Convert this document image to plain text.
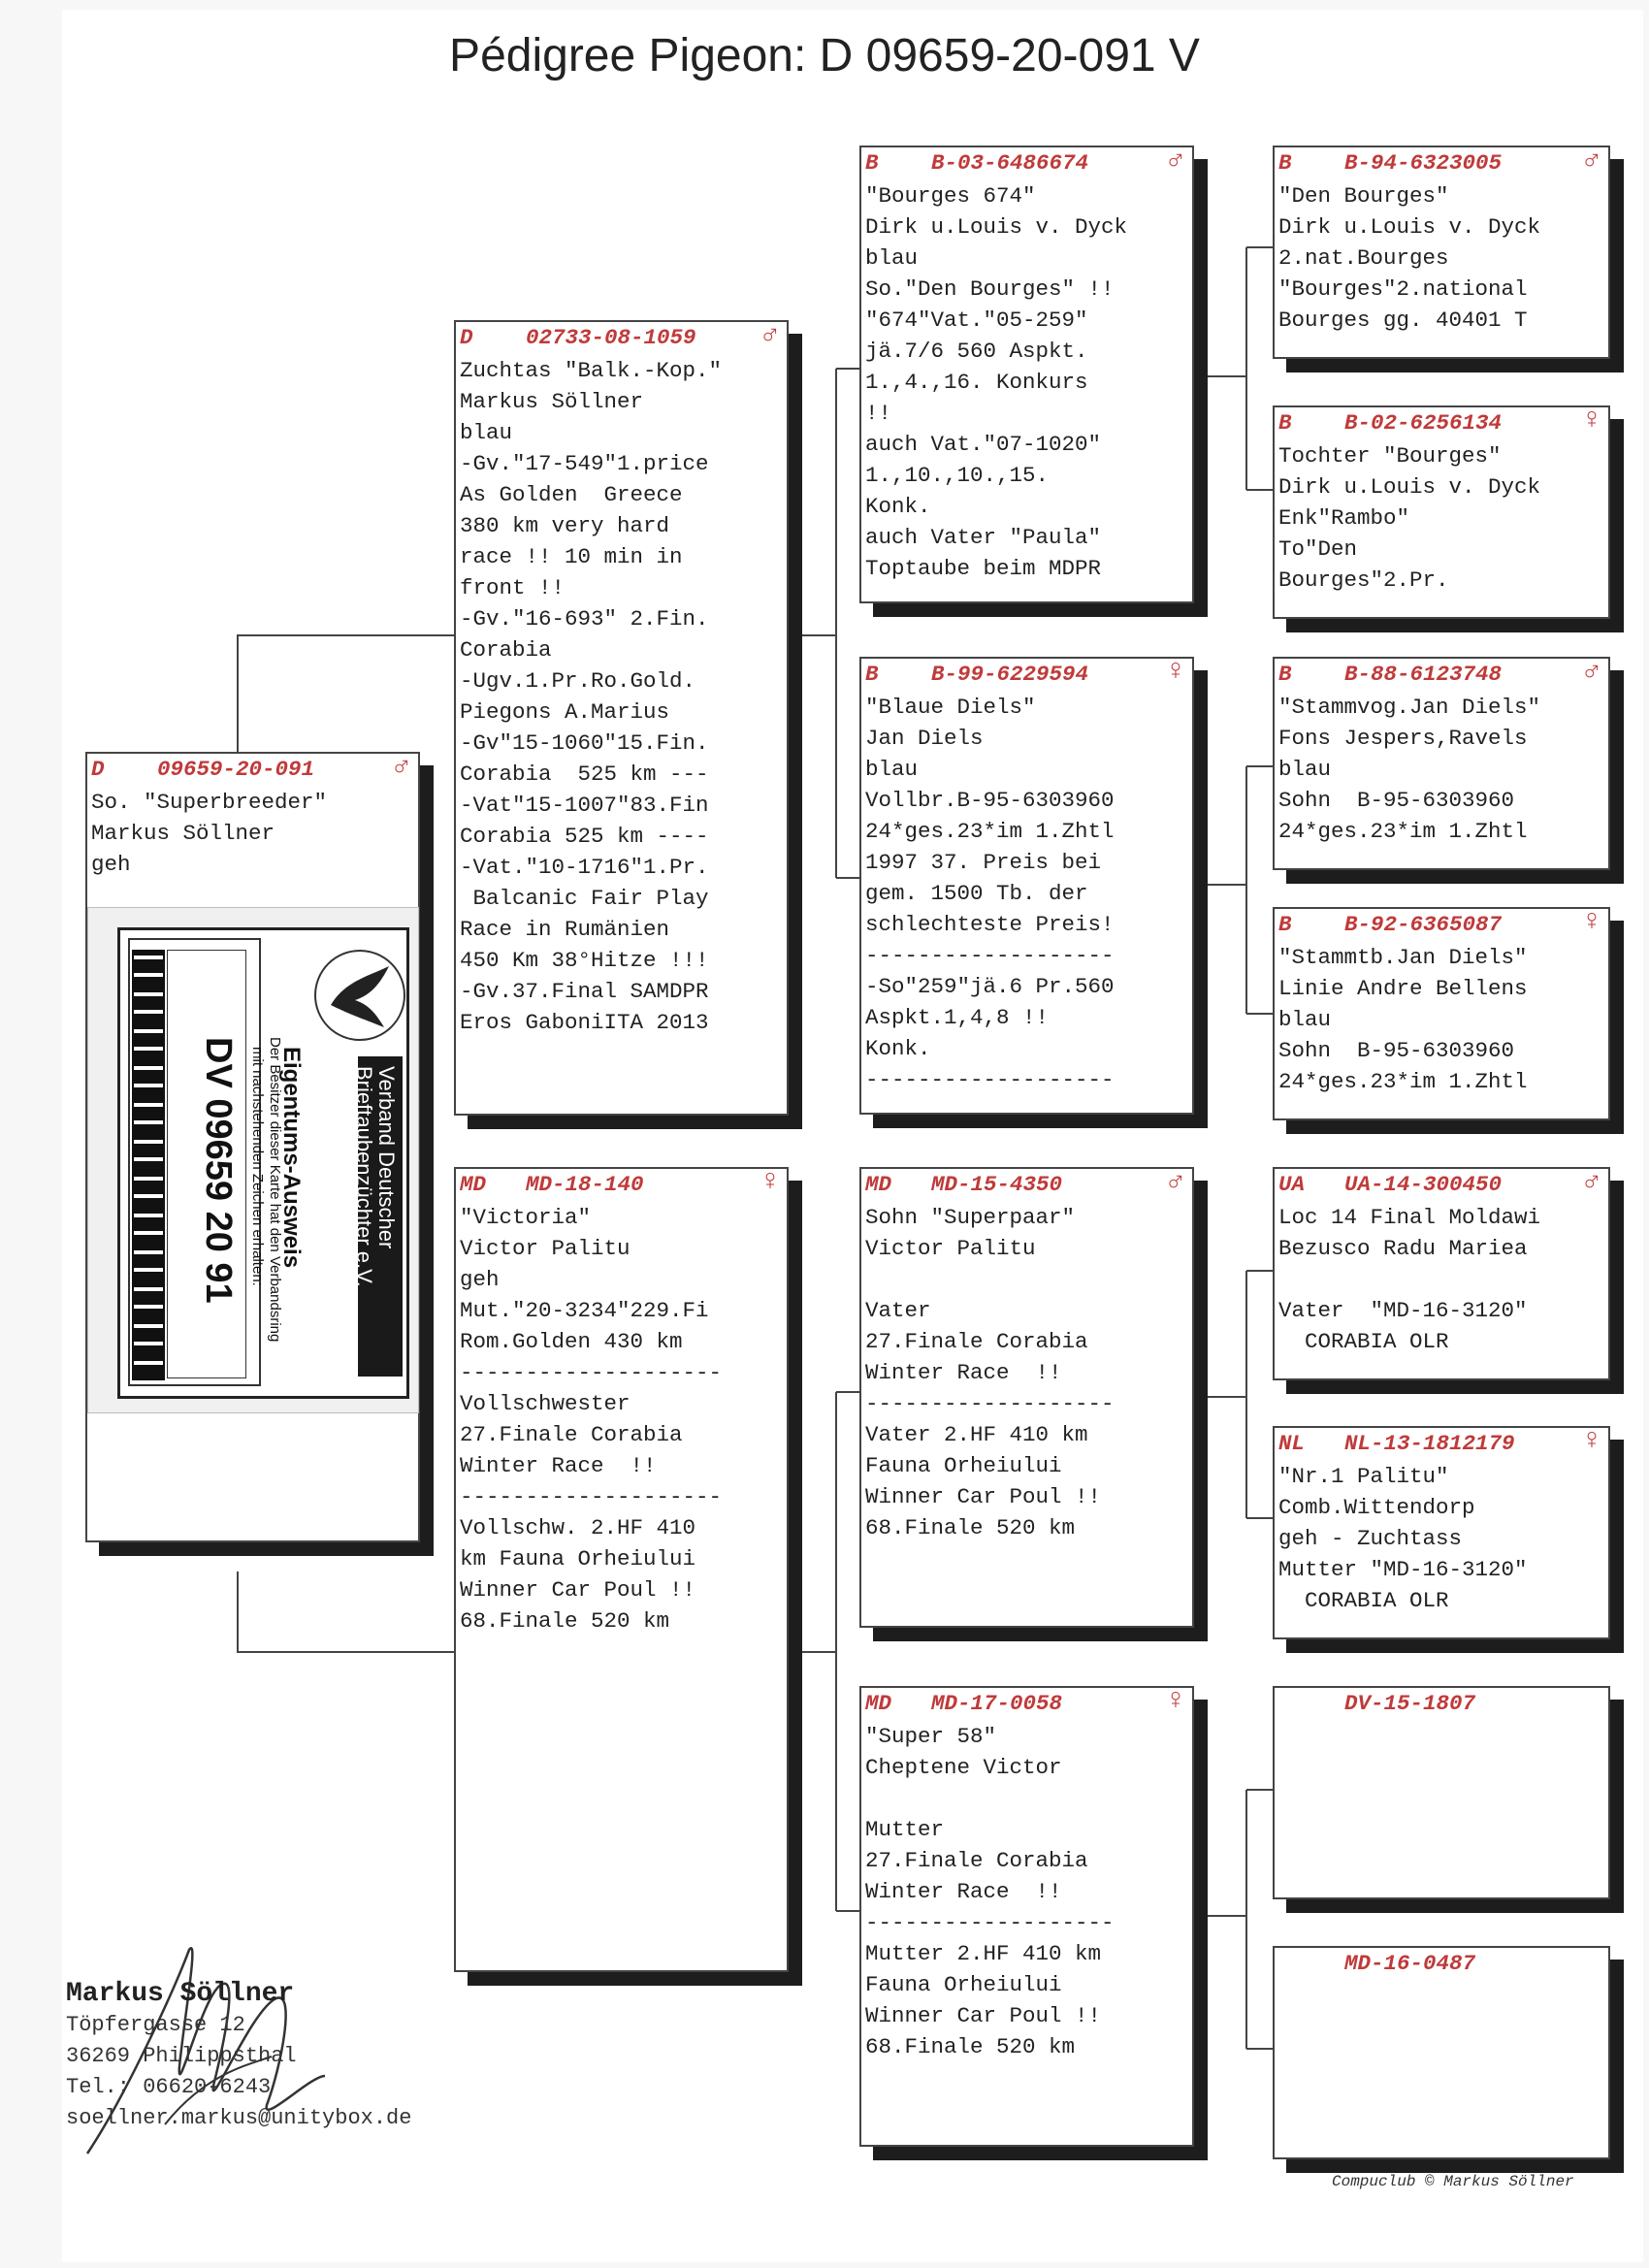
Pédigree Pigeon: D 09659-20-091 V

D

09659-20-091

	♂

So. "Superbreeder"
Markus Söllner
geh
DV 09659 20 91 Eigentums-Ausweis
Der Besitzer dieser Karte hat den Verbandsring
mit nachstehenden Zeichen erhalten:	Verband Deutscher
Brieftaubenzüchter e.V.
D 02733-08-1059 ♂
Zuchtas "Balk.-Kop."
Markus Söllner
blau
-Gv."17-549"1.price
As Golden  Greece
380 km very hard
race !! 10 min in
front !!
-Gv."16-693" 2.Fin.
Corabia
-Ugv.1.Pr.Ro.Gold.
Piegons A.Marius
-Gv"15-1060"15.Fin.
Corabia  525 km ---
-Vat"15-1007"83.Fin
Corabia 525 km ----
-Vat."10-1716"1.Pr.
Balcanic Fair Play
Race in Rumänien
450 Km 38°Hitze !!!
-Gv.37.Final SAMDPR
Eros GaboniITA 2013
MD MD-18-140	♀
"Victoria"
Victor Palitu
geh
Mut."20-3234"229.Fi
Rom.Golden 430 km
--------------------
Vollschwester
27.Finale Corabia
Winter Race  !!
--------------------
Vollschw. 2.HF 410
km Fauna Orheiului
Winner Car Poul !!
68.Finale 520 km
B B-03-6486674	♂
"Bourges 674"
Dirk u.Louis v. Dyck
blau
So."Den Bourges" !!
"674"Vat."05-259"
jä.7/6 560 Aspkt.
1.,4.,16. Konkurs
!!
auch Vat."07-1020"
1.,10.,10.,15.
Konk.
auch Vater "Paula"
Toptaube beim MDPR
B B-99-6229594	♀
"Blaue Diels"
Jan Diels
blau
Vollbr.B-95-6303960
24*ges.23*im 1.Zhtl
1997 37. Preis bei
gem. 1500 Tb. der
schlechteste Preis!
-------------------
-So"259"jä.6 Pr.560
Aspkt.1,4,8 !!
Konk.
-------------------
MD MD-15-4350	♂
Sohn "Superpaar"
Victor Palitu
Vater
27.Finale Corabia
Winter Race  !!
-------------------
Vater 2.HF 410 km
Fauna Orheiului
Winner Car Poul !!
68.Finale 520 km
MD MD-17-0058	♀
"Super 58"
Cheptene Victor
Mutter
27.Finale Corabia
Winter Race  !!
-------------------
Mutter 2.HF 410 km
Fauna Orheiului
Winner Car Poul !!
68.Finale 520 km
B B-94-6323005	♂
"Den Bourges"
Dirk u.Louis v. Dyck
2.nat.Bourges
"Bourges"2.national
Bourges gg. 40401 T
B B-02-6256134	♀
Tochter "Bourges"
Dirk u.Louis v. Dyck
Enk"Rambo"
To"Den
Bourges"2.Pr.
B B-88-6123748	♂
"Stammvog.Jan Diels"
Fons Jespers,Ravels
blau
Sohn  B-95-6303960
24*ges.23*im 1.Zhtl
B B-92-6365087	♀
"Stammtb.Jan Diels"
Linie Andre Bellens
blau
Sohn  B-95-6303960
24*ges.23*im 1.Zhtl
UA UA-14-300450	♂
Loc 14 Final Moldawi
Bezusco Radu Mariea
Vater  "MD-16-3120"
CORABIA OLR
NL NL-13-1812179 ♀
"Nr.1 Palitu"
Comb.Wittendorp
geh - Zuchtass
Mutter "MD-16-3120"
CORABIA OLR
DV-15-1807
MD-16-0487
Markus Söllner
Töpfergasse 12
36269 Philippsthal
Tel.: 06620-6243
soellner.markus@unitybox.de
Compuclub © Markus Söllner
